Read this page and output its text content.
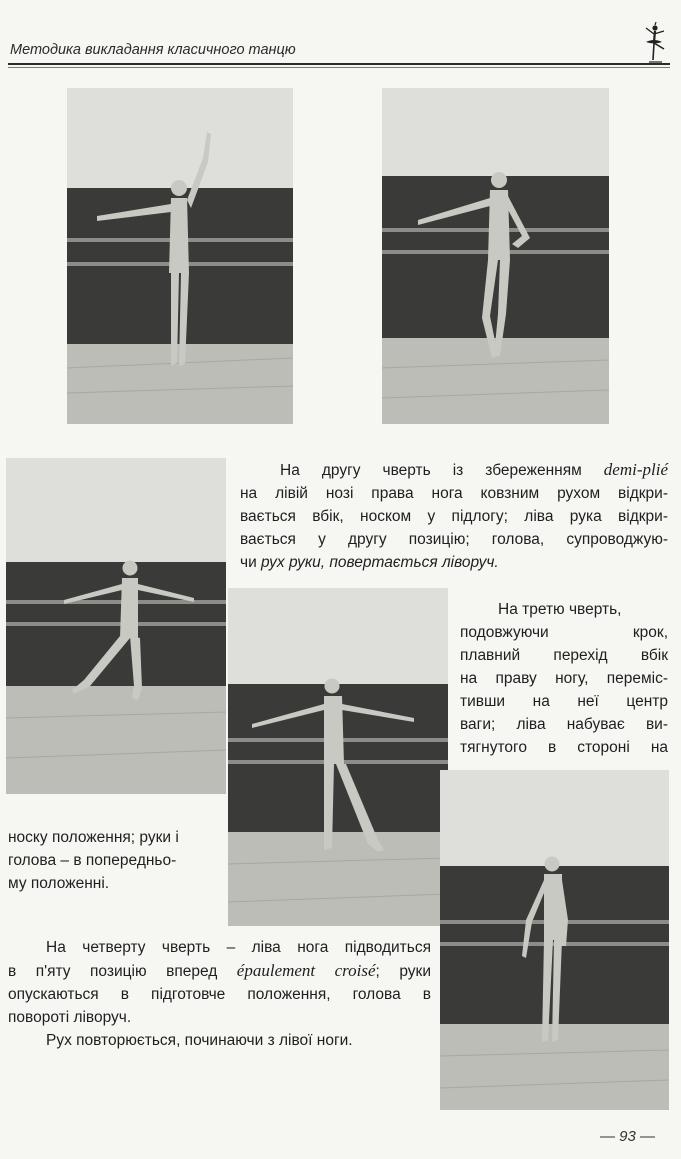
Методика викладання класичного танцю
На другу чверть із збереженням demi-plié
на лівій нозі права нога ковзним рухом відкри-
вається вбік, носком у підлогу; ліва рука відкри-
вається у другу позицію; голова, супроводжую-
чи рух руки, повертається ліворуч.
На третю чверть,
подовжуючи крок,
плавний перехід вбік
на праву ногу, переміс-
тивши на неї центр
ваги; ліва набуває ви-
тягнутого в стороні на
носку положення; руки і
голова – в попередньо-
му положенні.
На четверту чверть – ліва нога підводиться
в п'яту позицію вперед épaulement croisé; руки
опускаються в підготовче положення, голова в
повороті ліворуч.
Рух повторюється, починаючи з лівої ноги.
— 93 —
